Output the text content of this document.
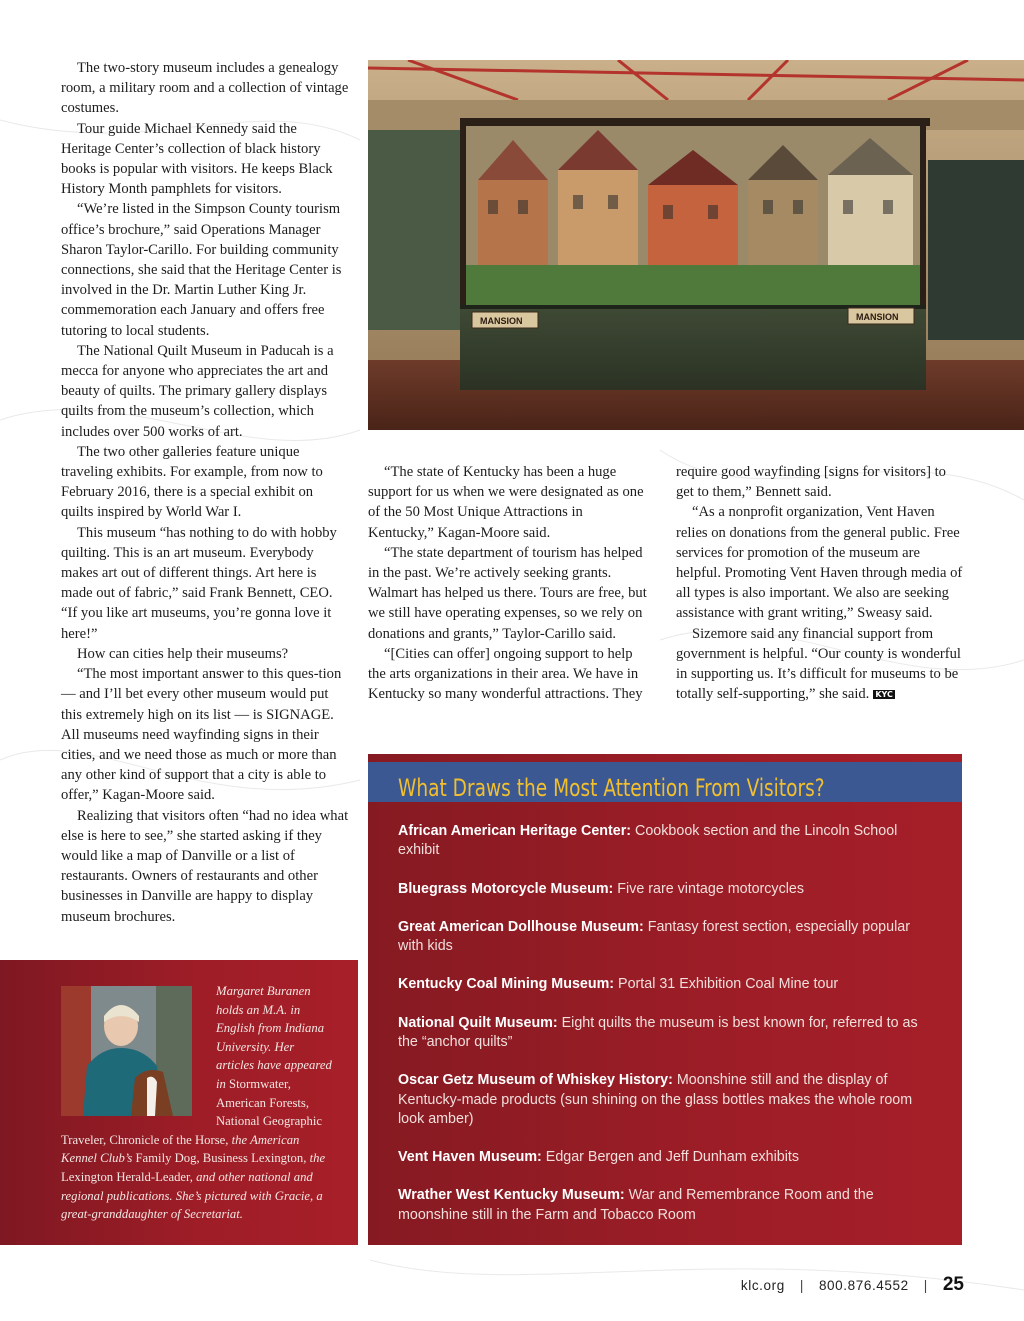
The two-story museum includes a genealogy room, a military room and a collection of vintage costumes.

Tour guide Michael Kennedy said the Heritage Center’s collection of black history books is popular with visitors. He keeps Black History Month pamphlets for visitors.

“We’re listed in the Simpson County tourism office’s brochure,” said Operations Manager Sharon Taylor-Carillo. For building community connections, she said that the Heritage Center is involved in the Dr. Martin Luther King Jr. commemoration each January and offers free tutoring to local students.

The National Quilt Museum in Paducah is a mecca for anyone who appreciates the art and beauty of quilts. The primary gallery displays quilts from the museum’s collection, which includes over 500 works of art.

The two other galleries feature unique traveling exhibits. For example, from now to February 2016, there is a special exhibit on quilts inspired by World War I.

This museum “has nothing to do with hobby quilting. This is an art museum. Everybody makes art out of different things. Art here is made out of fabric,” said Frank Bennett, CEO. “If you like art museums, you’re gonna love it here!”

How can cities help their museums?

“The most important answer to this ques-tion — and I’ll bet every other museum would put this extremely high on its list — is SIGNAGE. All museums need wayfinding signs in their cities, and we need those as much or more than any other kind of support that a city is able to offer,” Kagan-Moore said.

Realizing that visitors often “had no idea what else is here to see,” she started asking if they would like a map of Danville or a list of restaurants. Owners of restaurants and other businesses in Danville are happy to display museum brochures.

MANSION	MANSION

“The state of Kentucky has been a huge support for us when we were designated as one of the 50 Most Unique Attractions in Kentucky,” Kagan-Moore said.

“The state department of tourism has helped in the past. We’re actively seeking grants. Walmart has helped us there. Tours are free, but we still have operating expenses, so we rely on donations and grants,” Taylor-Carillo said.

“[Cities can offer] ongoing support to help the arts organizations in their area. We have in Kentucky so many wonderful attractions. They

require good wayfinding [signs for visitors] to get to them,” Bennett said.

“As a nonprofit organization, Vent Haven relies on donations from the general public. Free services for promotion of the museum are helpful. Promoting Vent Haven through media of all types is also important. We also are seeking assistance with grant writing,” Sweasy said.

Sizemore said any financial support from government is helpful. “Our county is wonderful in supporting us. It’s difficult for museums to be totally self-supporting,” she said. KYC

Margaret Buranen holds an M.A. in English from Indiana University. Her articles have appeared in Stormwater, American Forests, National Geographic Traveler, Chronicle of the Horse, the American Kennel Club’s Family Dog, Business Lexington, the Lexington Herald-Leader, and other national and regional publications. She’s pictured with Gracie, a great-granddaughter of Secretariat.
What Draws the Most Attention From Visitors?
African American Heritage Center: Cookbook section and the Lincoln School exhibit
Bluegrass Motorcycle Museum: Five rare vintage motorcycles
Great American Dollhouse Museum: Fantasy forest section, especially popular with kids
Kentucky Coal Mining Museum: Portal 31 Exhibition Coal Mine tour
National Quilt Museum: Eight quilts the museum is best known for, referred to as the “anchor quilts”
Oscar Getz Museum of Whiskey History: Moonshine still and the display of Kentucky-made products (sun shining on the glass bottles makes the whole room look amber)
Vent Haven Museum: Edgar Bergen and Jeff Dunham exhibits
Wrather West Kentucky Museum: War and Remembrance Room and the moonshine still in the Farm and Tobacco Room
klc.org | 800.876.4552 | 25
